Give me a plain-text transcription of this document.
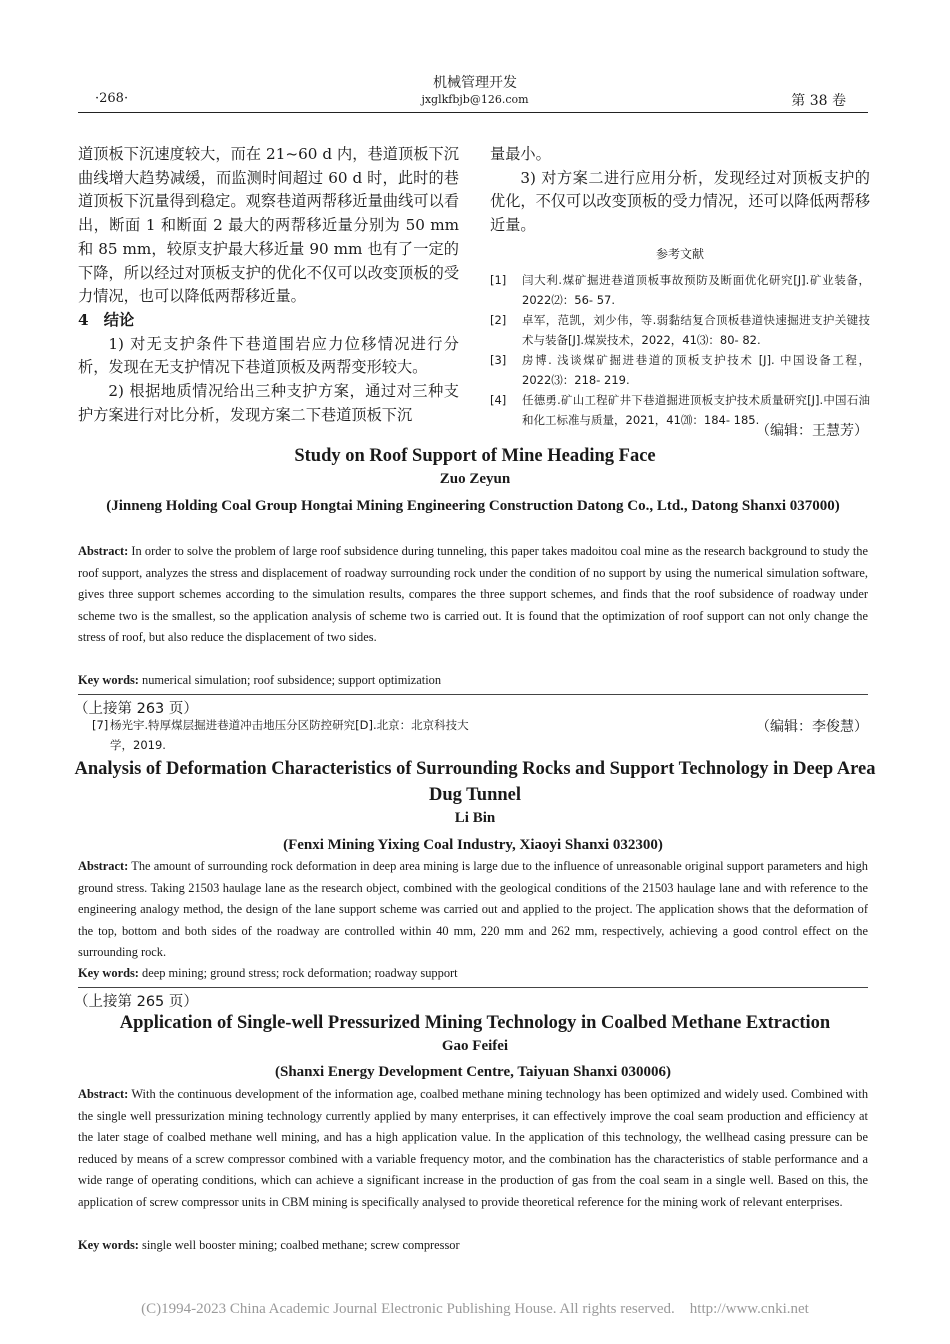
·268·
机械管理开发
jxglkfbjb@126.com	第 38 卷

道顶板下沉速度较大，而在 21~60 d 内，巷道顶板下沉曲线增大趋势减缓，而监测时间超过 60 d 时，此时的巷道顶板下沉量得到稳定。观察巷道两帮移近量曲线可以看出，断面 1 和断面 2 最大的两帮移近量分别为 50 mm 和 85 mm，较原支护最大移近量 90 mm 也有了一定的下降，所以经过对顶板支护的优化不仅可以改变顶板的受力情况，也可以降低两帮移近量。

4　结论

1) 对无支护条件下巷道围岩应力位移情况进行分析，发现在无支护情况下巷道顶板及两帮变形较大。

2) 根据地质情况给出三种支护方案，通过对三种支护方案进行对比分析，发现方案二下巷道顶板下沉

量最小。

3) 对方案二进行应用分析，发现经过对顶板支护的优化，不仅可以改变顶板的受力情况，还可以降低两帮移近量。

参考文献
[1]	闫大利.煤矿掘进巷道顶板事故预防及断面优化研究[J].矿业装备，2022⑵：56- 57.
[2]	卓军，范凯，刘少伟，等.弱黏结复合顶板巷道快速掘进支护关键技术与装备[J].煤炭技术，2022，41⑶：80- 82.
[3]	房博. 浅谈煤矿掘进巷道的顶板支护技术 [J]. 中国设备工程，2022⑶：218- 219.
[4]	任德勇.矿山工程矿井下巷道掘进顶板支护技术质量研究[J].中国石油和化工标准与质量，2021，41⒇：184- 185.
（编辑：王慧芳）
Study on Roof Support of Mine Heading Face
Zuo Zeyun
(Jinneng Holding Coal Group Hongtai Mining Engineering Construction Datong Co., Ltd., Datong Shanxi 037000)
Abstract: In order to solve the problem of large roof subsidence during tunneling, this paper takes madoitou coal mine as the research background to study the roof support, analyzes the stress and displacement of roadway surrounding rock under the condition of no support by using the numerical simulation software, gives three support schemes according to the simulation results, compares the three support schemes, and finds that the roof subsidence of roadway under scheme two is the smallest, so the application analysis of scheme two is carried out. It is found that the optimization of roof support can not only change the stress of roof, but also reduce the displacement of two sides.
Key words: numerical simulation; roof subsidence; support optimization
（上接第 263 页）
[7] 杨光宇.特厚煤层掘进巷道冲击地压分区防控研究[D].北京：北京科技大学，2019.
（编辑：李俊慧）
Analysis of Deformation Characteristics of Surrounding Rocks and Support Technology in Deep Area Dug Tunnel
Li Bin
(Fenxi Mining Yixing Coal Industry, Xiaoyi Shanxi 032300)
Abstract: The amount of surrounding rock deformation in deep area mining is large due to the influence of unreasonable original support parameters and high ground stress. Taking 21503 haulage lane as the research object, combined with the geological conditions of the 21503 haulage lane and with reference to the engineering analogy method, the design of the lane support scheme was carried out and applied to the project. The application shows that the deformation of the top, bottom and both sides of the roadway are controlled within 40 mm, 220 mm and 262 mm, respectively, achieving a good control effect on the surrounding rock.
Key words: deep mining; ground stress; rock deformation; roadway support
（上接第 265 页）
Application of Single-well Pressurized Mining Technology in Coalbed Methane Extraction
Gao Feifei
(Shanxi Energy Development Centre, Taiyuan Shanxi 030006)
Abstract: With the continuous development of the information age, coalbed methane mining technology has been optimized and widely used. Combined with the single well pressurization mining technology currently applied by many enterprises, it can effectively improve the coal seam production and efficiency at the later stage of coalbed methane well mining, and has a high application value. In the application of this technology, the wellhead casing pressure can be reduced by means of a screw compressor combined with a variable frequency motor, and the combination has the characteristics of stable performance and a wide range of operating conditions, which can achieve a significant increase in the production of gas from the coal seam in a single well. Based on this, the application of screw compressor units in CBM mining is specifically analysed to provide theoretical reference for the mining work of relevant enterprises.
Key words: single well booster mining; coalbed methane; screw compressor
(C)1994-2023 China Academic Journal Electronic Publishing House. All rights reserved.　http://www.cnki.net
